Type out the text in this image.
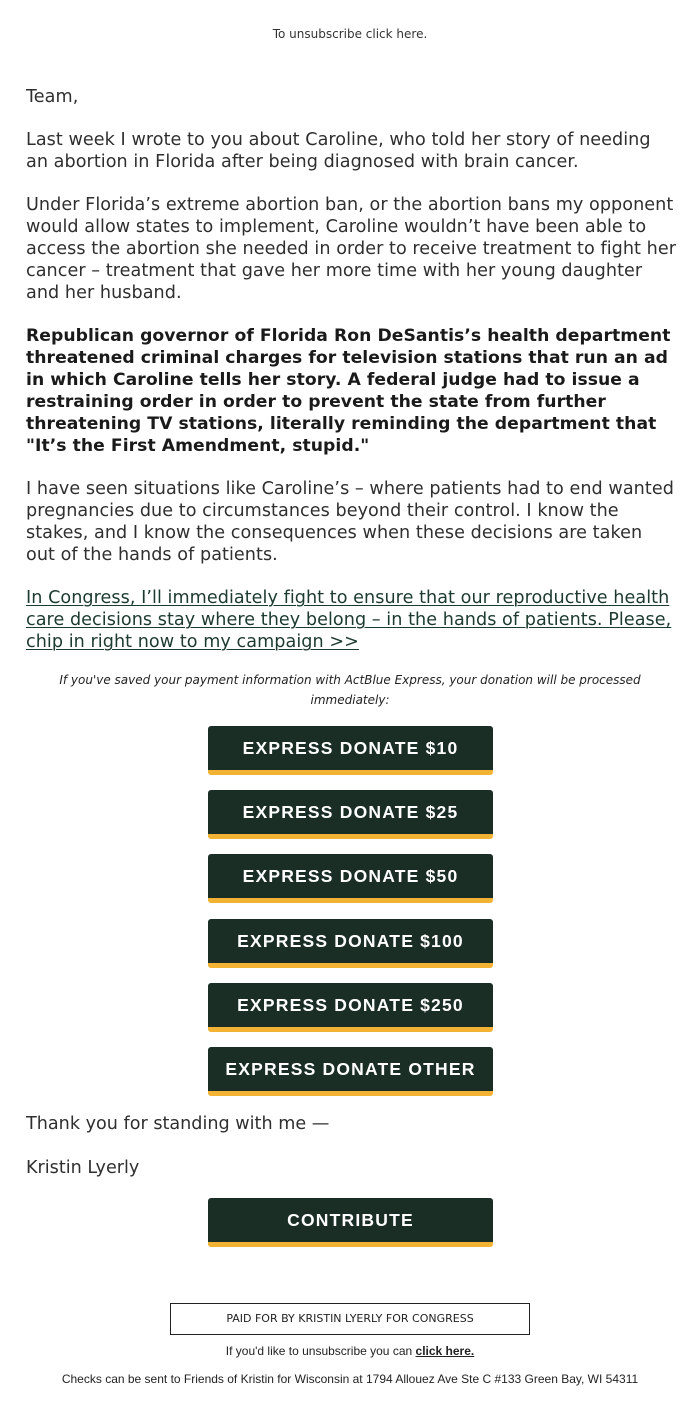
To unsubscribe click here.

Team,

Last week I wrote to you about Caroline, who told her story of needing an abortion in Florida after being diagnosed with brain cancer.

Under Florida’s extreme abortion ban, or the abortion bans my opponent would allow states to implement, Caroline wouldn’t have been able to access the abortion she needed in order to receive treatment to fight her cancer – treatment that gave her more time with her young daughter and her husband.

Republican governor of Florida Ron DeSantis’s health department threatened criminal charges for television stations that run an ad in which Caroline tells her story. A federal judge had to issue a restraining order in order to prevent the state from further threatening TV stations, literally reminding the department that "It’s the First Amendment, stupid."

I have seen situations like Caroline’s – where patients had to end wanted pregnancies due to circumstances beyond their control. I know the stakes, and I know the consequences when these decisions are taken out of the hands of patients.

In Congress, I’ll immediately fight to ensure that our reproductive health care decisions stay where they belong – in the hands of patients. Please, chip in right now to my campaign >>

If you've saved your payment information with ActBlue Express, your donation will be processed immediately:
EXPRESS DONATE $10
EXPRESS DONATE $25
EXPRESS DONATE $50
EXPRESS DONATE $100
EXPRESS DONATE $250
EXPRESS DONATE OTHER
Thank you for standing with me —
Kristin Lyerly
CONTRIBUTE
PAID FOR BY KRISTIN LYERLY FOR CONGRESS
If you'd like to unsubscribe you can click here.
Checks can be sent to Friends of Kristin for Wisconsin at 1794 Allouez Ave Ste C #133 Green Bay, WI 54311
